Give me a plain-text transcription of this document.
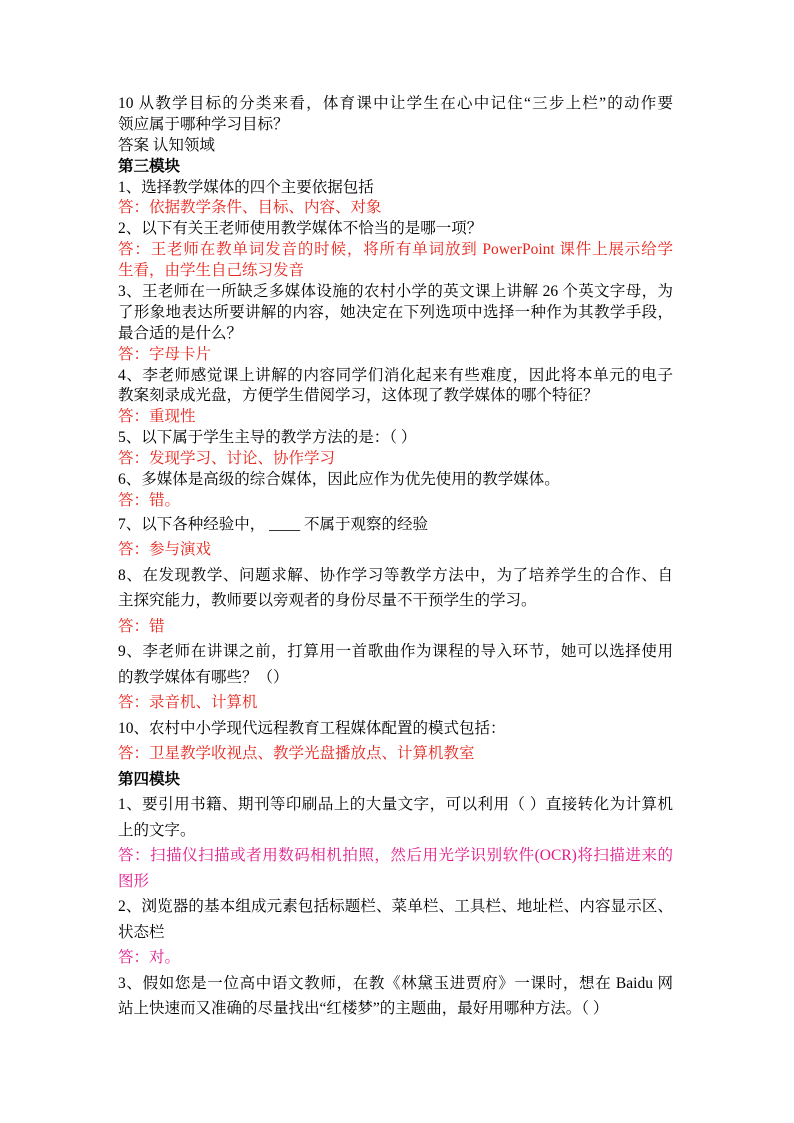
10 从教学目标的分类来看，体育课中让学生在心中记住“三步上栏”的动作要
领应属于哪种学习目标？
答案 认知领域
第三模块
1、选择教学媒体的四个主要依据包括
答：依据教学条件、目标、内容、对象
2、以下有关王老师使用教学媒体不恰当的是哪一项？
答：王老师在教单词发音的时候，将所有单词放到 PowerPoint 课件上展示给学
生看，由学生自己练习发音
3、王老师在一所缺乏多媒体设施的农村小学的英文课上讲解 26 个英文字母，为
了形象地表达所要讲解的内容，她决定在下列选项中选择一种作为其教学手段，
最合适的是什么？
答：字母卡片
4、李老师感觉课上讲解的内容同学们消化起来有些难度，因此将本单元的电子
教案刻录成光盘，方便学生借阅学习，这体现了教学媒体的哪个特征？
答：重现性
5、以下属于学生主导的教学方法的是：（ ）
答：发现学习、讨论、协作学习
6、多媒体是高级的综合媒体，因此应作为优先使用的教学媒体。
答：错。
7、以下各种经验中， ____ 不属于观察的经验
答：参与演戏
8、在发现教学、问题求解、协作学习等教学方法中，为了培养学生的合作、自
主探究能力，教师要以旁观者的身份尽量不干预学生的学习。
答：错
9、李老师在讲课之前，打算用一首歌曲作为课程的导入环节，她可以选择使用
的教学媒体有哪些？（）
答：录音机、计算机
10、农村中小学现代远程教育工程媒体配置的模式包括：
答：卫星教学收视点、教学光盘播放点、计算机教室
第四模块
1、要引用书籍、期刊等印刷品上的大量文字，可以利用（ ）直接转化为计算机
上的文字。
答：扫描仪扫描或者用数码相机拍照，然后用光学识别软件(OCR)将扫描进来的
图形
2、浏览器的基本组成元素包括标题栏、菜单栏、工具栏、地址栏、内容显示区、
状态栏
答：对。
3、假如您是一位高中语文教师，在教《林黛玉进贾府》一课时，想在 Baidu 网
站上快速而又准确的尽量找出“红楼梦”的主题曲，最好用哪种方法。（ ）
